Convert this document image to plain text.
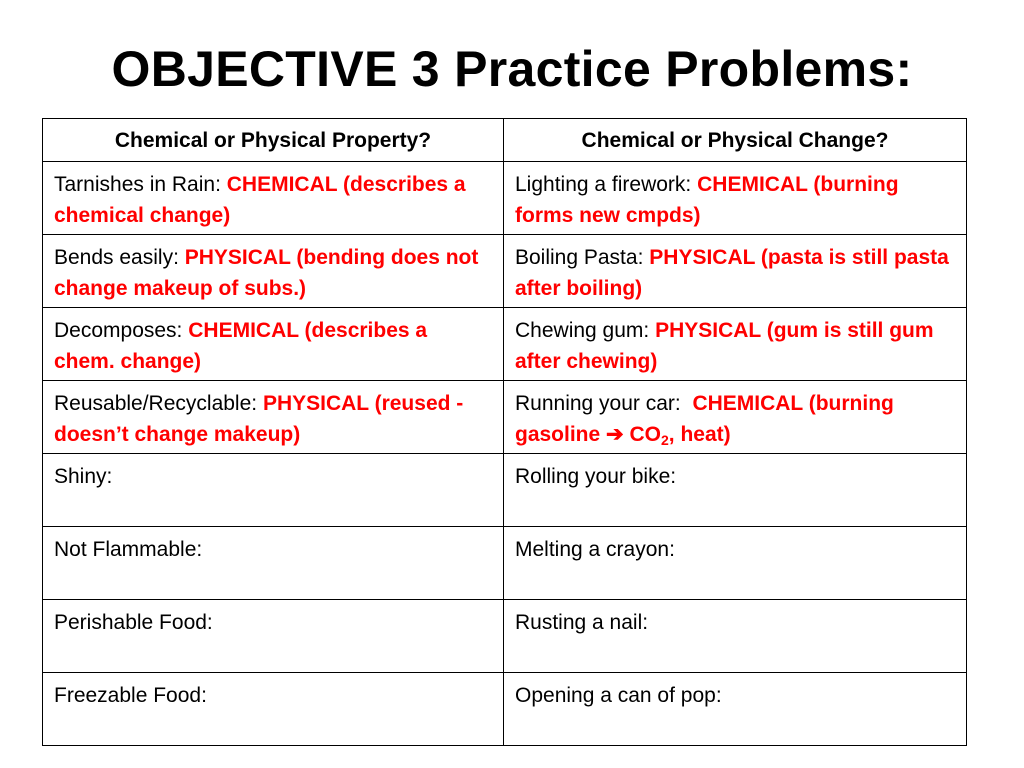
OBJECTIVE 3 Practice Problems:
Chemical or Physical Property?	Chemical or Physical Change?
Tarnishes in Rain: CHEMICAL (describes a chemical change)	Lighting a firework: CHEMICAL (burning forms new cmpds)
Bends easily: PHYSICAL (bending does not change makeup of subs.)	Boiling Pasta: PHYSICAL (pasta is still pasta after boiling)
Decomposes: CHEMICAL (describes a chem. change)	Chewing gum: PHYSICAL (gum is still gum after chewing)
Reusable/Recyclable: PHYSICAL (reused - doesn’t change makeup)	Running your car: CHEMICAL (burning gasoline ➔ $CO_2$, heat)
Shiny:	Rolling your bike:
Not Flammable:	Melting a crayon:
Perishable Food:	Rusting a nail:
Freezable Food:	Opening a can of pop:
